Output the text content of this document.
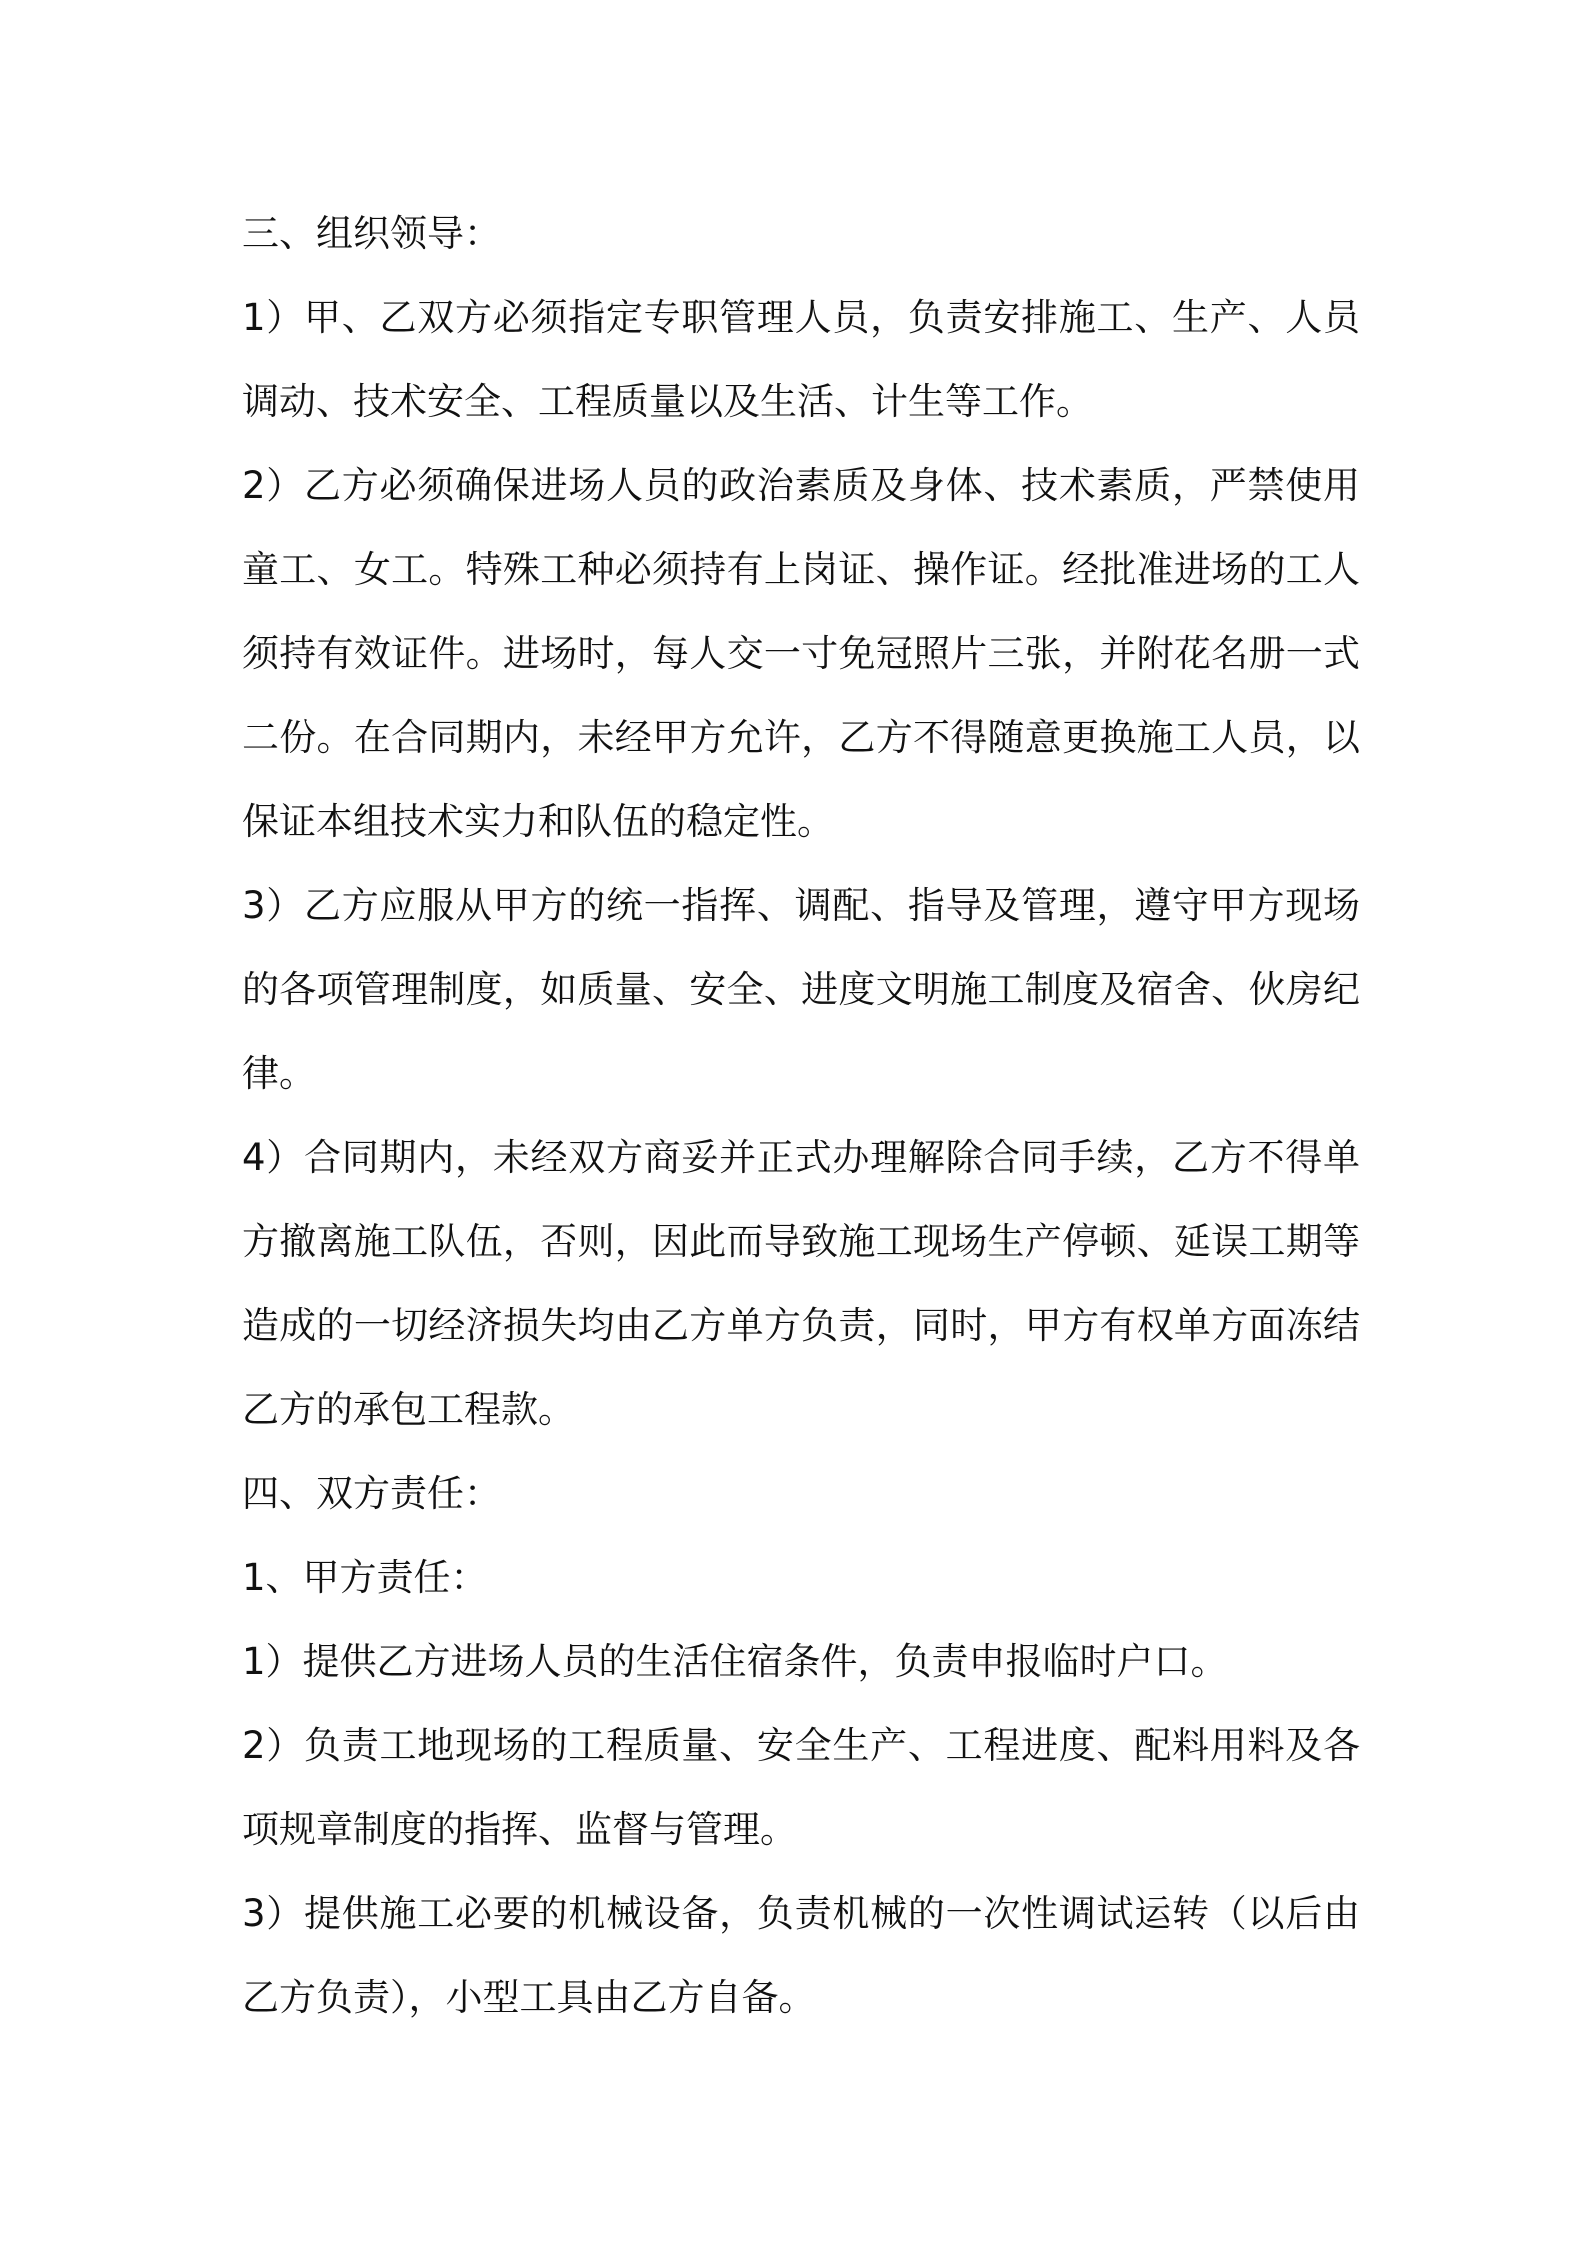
三、组织领导：

1）甲、乙双方必须指定专职管理人员，负责安排施工、生产、人员调动、技术安全、工程质量以及生活、计生等工作。

2）乙方必须确保进场人员的政治素质及身体、技术素质，严禁使用童工、女工。特殊工种必须持有上岗证、操作证。经批准进场的工人须持有效证件。进场时，每人交一寸免冠照片三张，并附花名册一式二份。在合同期内，未经甲方允许，乙方不得随意更换施工人员，以保证本组技术实力和队伍的稳定性。

3）乙方应服从甲方的统一指挥、调配、指导及管理，遵守甲方现场的各项管理制度，如质量、安全、进度文明施工制度及宿舍、伙房纪律。

4）合同期内，未经双方商妥并正式办理解除合同手续，乙方不得单方撤离施工队伍，否则，因此而导致施工现场生产停顿、延误工期等造成的一切经济损失均由乙方单方负责，同时，甲方有权单方面冻结乙方的承包工程款。

四、双方责任：

1、甲方责任：

1）提供乙方进场人员的生活住宿条件，负责申报临时户口。

2）负责工地现场的工程质量、安全生产、工程进度、配料用料及各项规章制度的指挥、监督与管理。

3）提供施工必要的机械设备，负责机械的一次性调试运转（以后由乙方负责），小型工具由乙方自备。
